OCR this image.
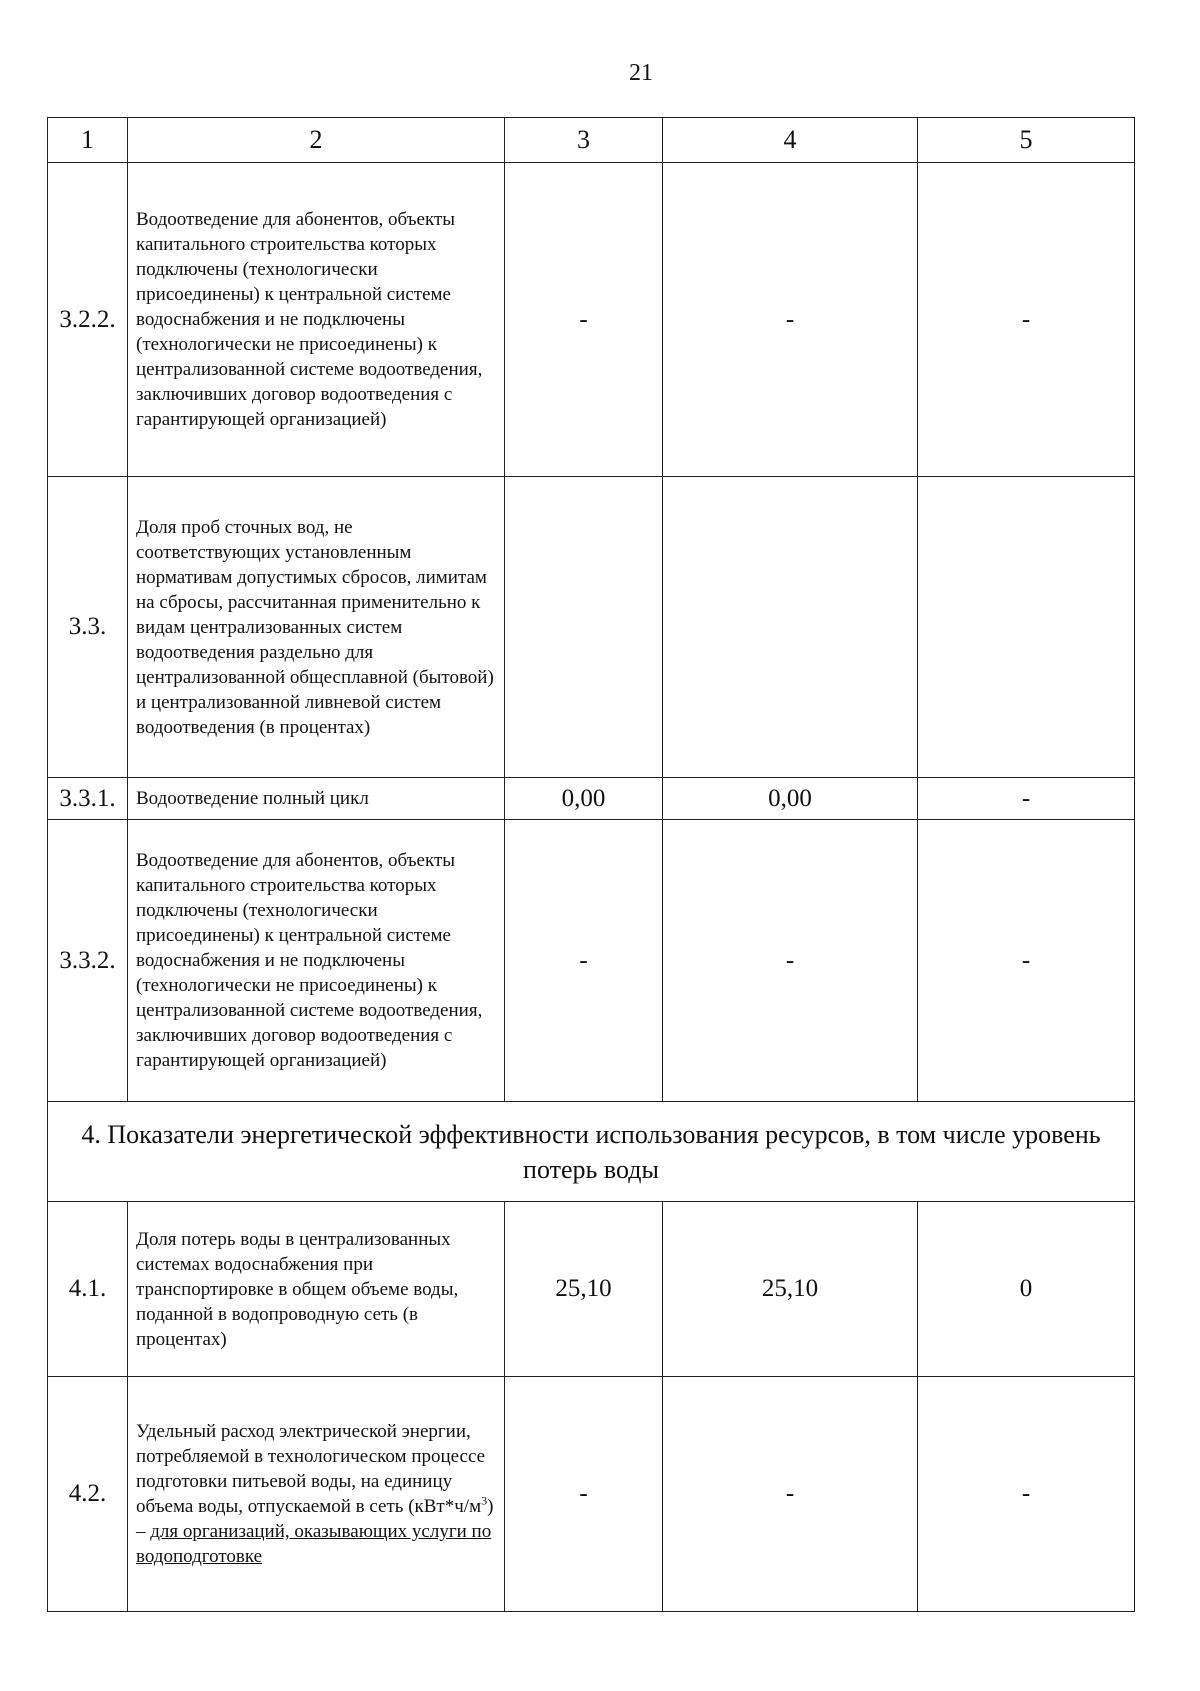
21
1	2	3	4	5
3.2.2.	Водоотведение для абонентов, объекты капитального строительства которых подключены (технологически присоединены) к центральной системе водоснабжения и не подключены (технологически не присоединены) к централизованной системе водоотведения, заключивших договор водоотведения с гарантирующей организацией)	-	-	-
3.3.	Доля проб сточных вод, не соответствующих установленным нормативам допустимых сбросов, лимитам на сбросы, рассчитанная применительно к видам централизованных систем водоотведения раздельно для централизованной общесплавной (бытовой) и централизованной ливневой систем водоотведения (в процентах)			
3.3.1.	Водоотведение полный цикл	0,00	0,00	-
3.3.2.	Водоотведение для абонентов, объекты капитального строительства которых подключены (технологически присоединены) к центральной системе водоснабжения и не подключены (технологически не присоединены) к централизованной системе водоотведения, заключивших договор водоотведения с гарантирующей организацией)	-	-	-
4. Показатели энергетической эффективности использования ресурсов, в том числе уровень потерь воды				
4.1.	Доля потерь воды в централизованных системах водоснабжения при транспортировке в общем объеме воды, поданной в водопроводную сеть (в процентах)	25,10	25,10	0
4.2.	Удельный расход электрической энергии, потребляемой в технологическом процессе подготовки питьевой воды, на единицу объема воды, отпускаемой в сеть $(кВт*ч/м^3)$ – для организаций, оказывающих услуги по водоподготовке	-	-	-
